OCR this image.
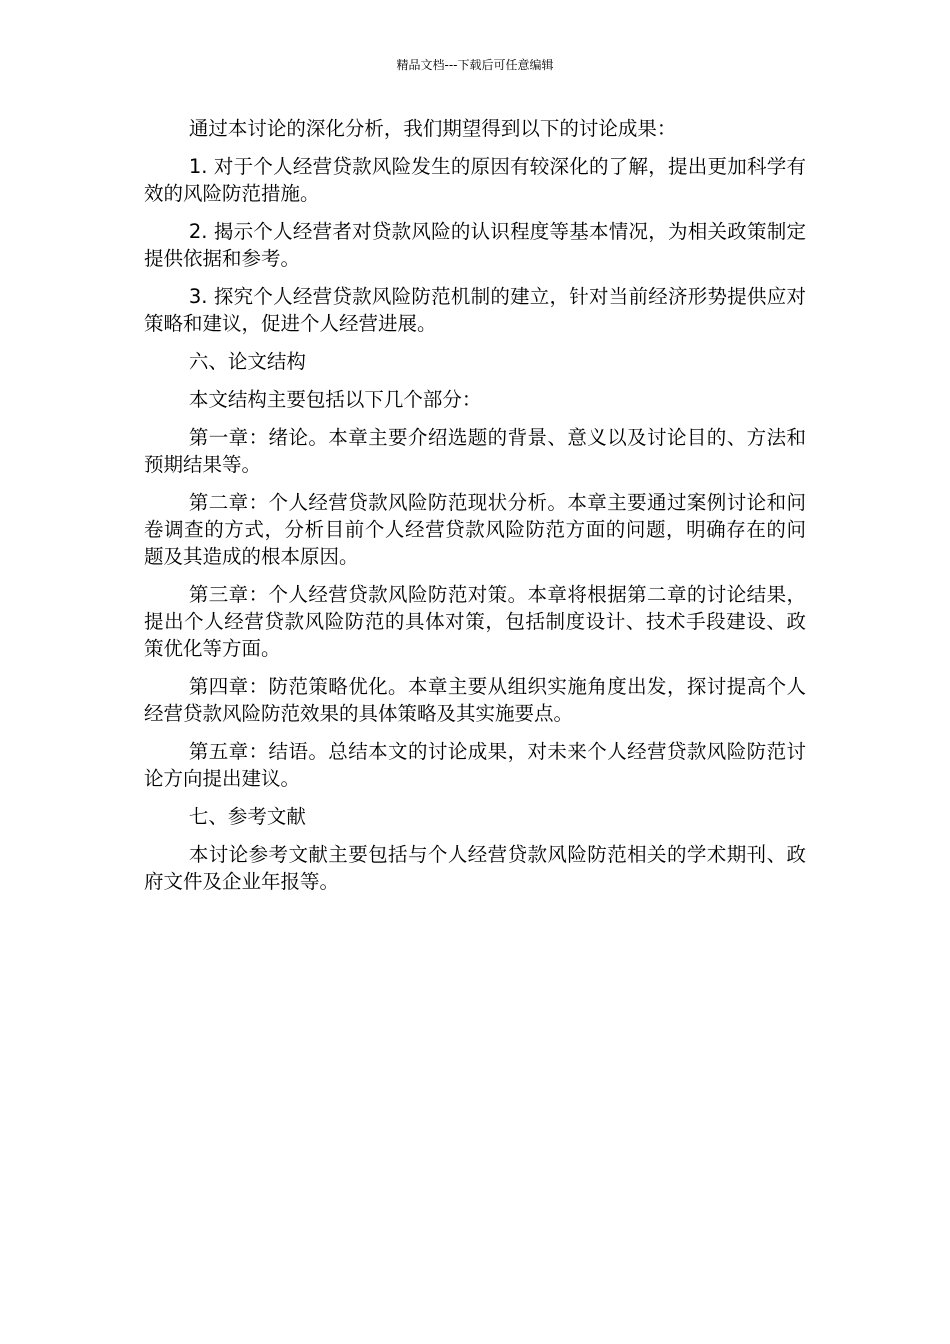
精品文档---下载后可任意编辑

通过本讨论的深化分析，我们期望得到以下的讨论成果：

1. 对于个人经营贷款风险发生的原因有较深化的了解，提出更加科学有效的风险防范措施。

2. 揭示个人经营者对贷款风险的认识程度等基本情况，为相关政策制定提供依据和参考。

3. 探究个人经营贷款风险防范机制的建立，针对当前经济形势提供应对策略和建议，促进个人经营进展。

六、论文结构

本文结构主要包括以下几个部分：

第一章：绪论。本章主要介绍选题的背景、意义以及讨论目的、方法和预期结果等。

第二章：个人经营贷款风险防范现状分析。本章主要通过案例讨论和问卷调查的方式，分析目前个人经营贷款风险防范方面的问题，明确存在的问题及其造成的根本原因。

第三章：个人经营贷款风险防范对策。本章将根据第二章的讨论结果，提出个人经营贷款风险防范的具体对策，包括制度设计、技术手段建设、政策优化等方面。

第四章：防范策略优化。本章主要从组织实施角度出发，探讨提高个人经营贷款风险防范效果的具体策略及其实施要点。

第五章：结语。总结本文的讨论成果，对未来个人经营贷款风险防范讨论方向提出建议。

七、参考文献

本讨论参考文献主要包括与个人经营贷款风险防范相关的学术期刊、政府文件及企业年报等。
